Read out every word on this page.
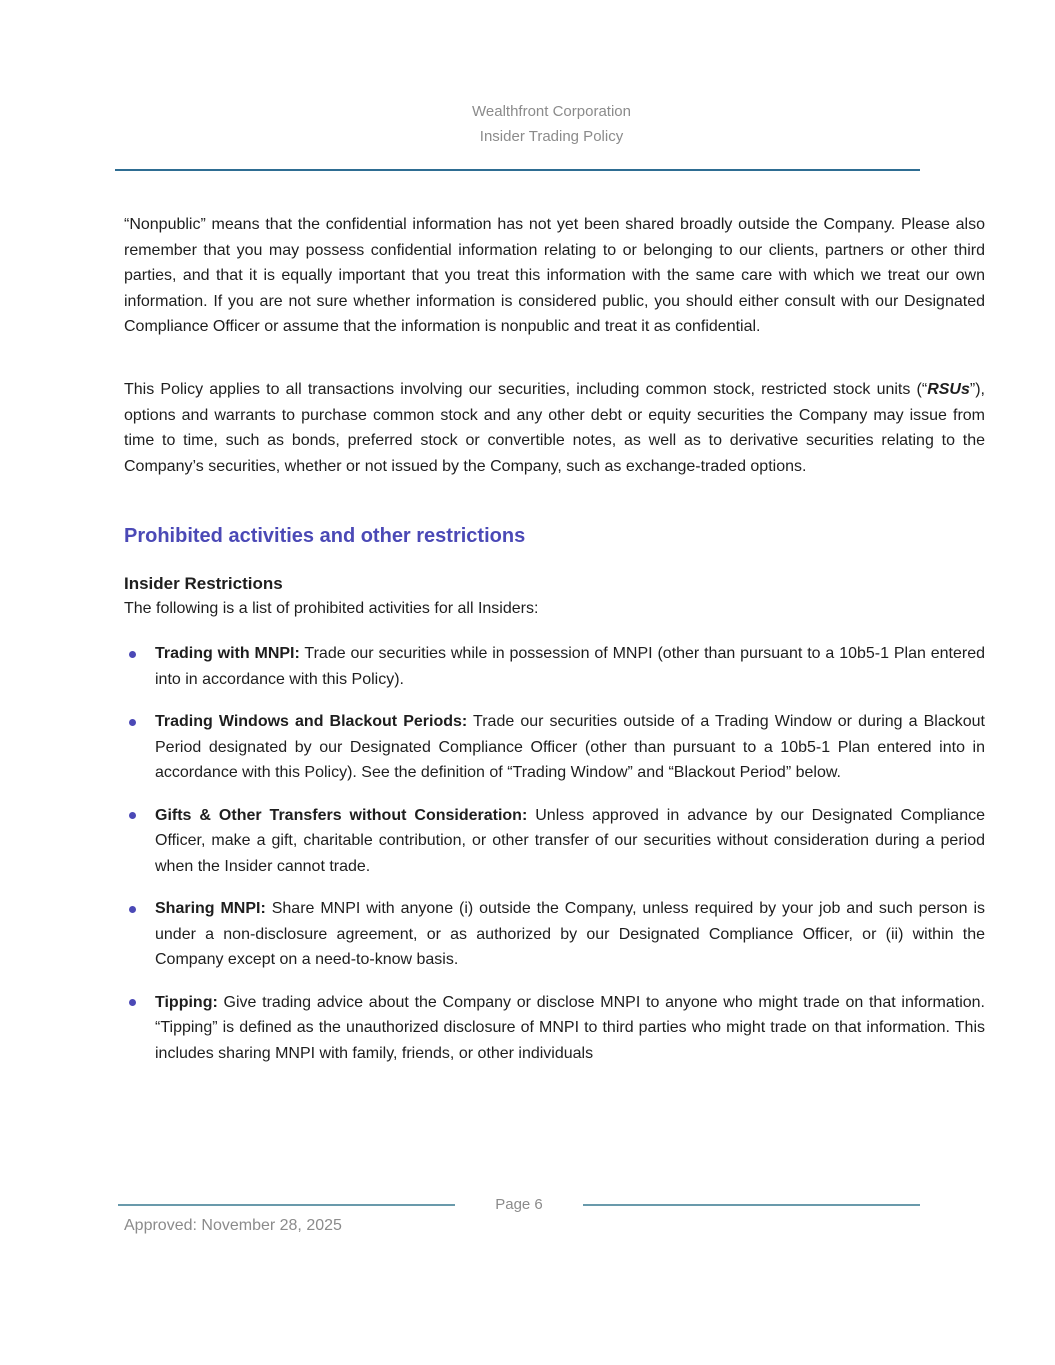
Wealthfront Corporation
Insider Trading Policy

“Nonpublic” means that the confidential information has not yet been shared broadly outside the Company. Please also remember that you may possess confidential information relating to or belonging to our clients, partners or other third parties, and that it is equally important that you treat this information with the same care with which we treat our own information. If you are not sure whether information is considered public, you should either consult with our Designated Compliance Officer or assume that the information is nonpublic and treat it as confidential.

This Policy applies to all transactions involving our securities, including common stock, restricted stock units (“RSUs”), options and warrants to purchase common stock and any other debt or equity securities the Company may issue from time to time, such as bonds, preferred stock or convertible notes, as well as to derivative securities relating to the Company’s securities, whether or not issued by the Company, such as exchange-traded options.

Prohibited activities and other restrictions
Insider Restrictions

The following is a list of prohibited activities for all Insiders:

Trading with MNPI: Trade our securities while in possession of MNPI (other than pursuant to a 10b5-1 Plan entered into in accordance with this Policy).
Trading Windows and Blackout Periods: Trade our securities outside of a Trading Window or during a Blackout Period designated by our Designated Compliance Officer (other than pursuant to a 10b5-1 Plan entered into in accordance with this Policy). See the definition of “Trading Window” and “Blackout Period” below.
Gifts & Other Transfers without Consideration: Unless approved in advance by our Designated Compliance Officer, make a gift, charitable contribution, or other transfer of our securities without consideration during a period when the Insider cannot trade.
Sharing MNPI: Share MNPI with anyone (i) outside the Company, unless required by your job and such person is under a non-disclosure agreement, or as authorized by our Designated Compliance Officer, or (ii) within the Company except on a need-to-know basis.
Tipping: Give trading advice about the Company or disclose MNPI to anyone who might trade on that information. “Tipping” is defined as the unauthorized disclosure of MNPI to third parties who might trade on that information. This includes sharing MNPI with family, friends, or other individuals
Page 6
Approved: November 28, 2025
